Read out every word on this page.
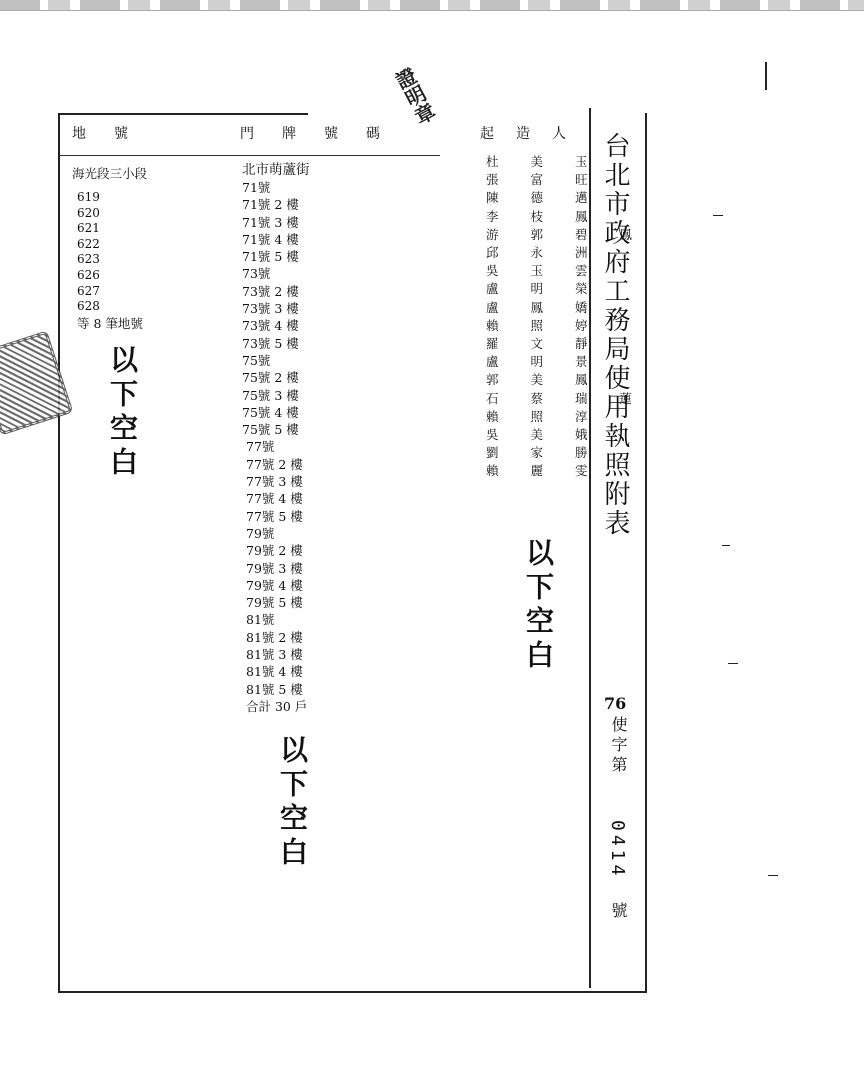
地號	門牌號碼	起造人
海光段三小段
619
620
621
622
623
626
627
628
等 8 筆地號
以下空白
北市萌蘆街
71號
71號 2 樓
71號 3 樓
71號 4 樓
71號 5 樓
73號
73號 2 樓
73號 3 樓
73號 4 樓
73號 5 樓
75號
75號 2 樓
75號 3 樓
75號 4 樓
75號 5 樓
77號
77號 2 樓
77號 3 樓
77號 4 樓
77號 5 樓
79號
79號 2 樓
79號 3 樓
79號 4 樓
79號 5 樓
81號
81號 2 樓
81號 3 樓
81號 4 樓
81號 5 樓
合計 30 戶
以下空白
杜 美 玉
張 富 旺
陳 德 邁
李 枝 鳳
游 郭 碧 鳳
邱 永 洲
吳 玉 雲
盧 明 榮
盧 鳳 嬌
賴 照 婷
羅 文 靜
盧 明 景
郭 美 鳳
石 蔡 瑞 蓮
賴 照 淳
吳 美 娥
劉 家 勝
賴 麗 雯
以下空白
台北市政府工務局使用執照附表
76
使字第
0414
號
證明章
